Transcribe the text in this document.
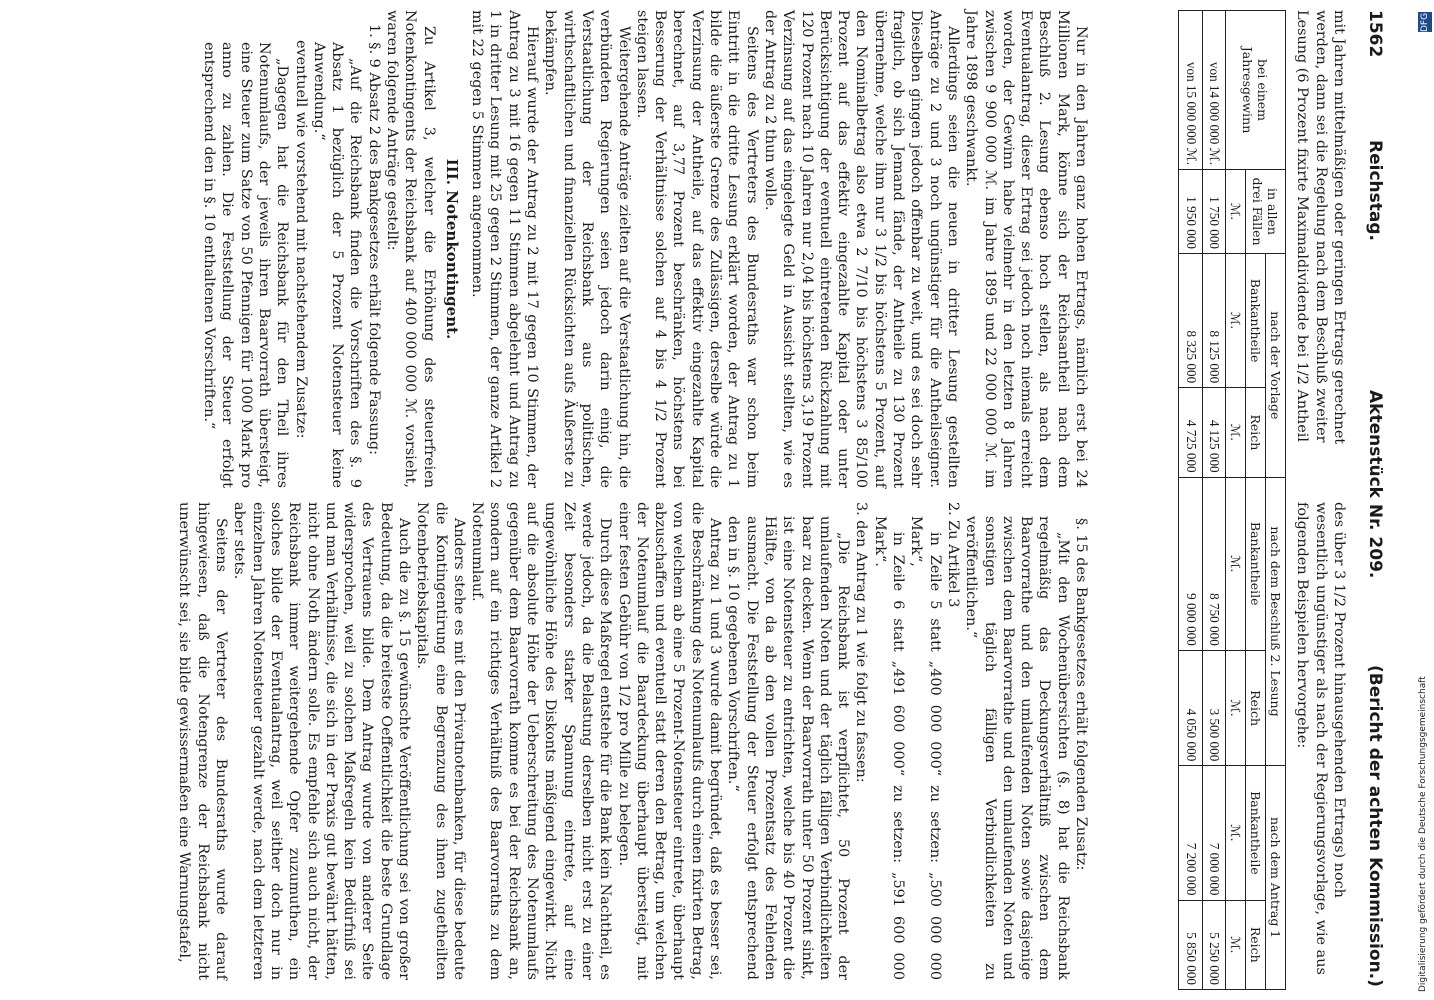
DFG
Digitalisierung gefördert durch die Deutsche Forschungsgemeinschaft
1562
Reichstag.
Aktenstück Nr. 209.
(Bericht der achten Kommission.)
mit Jahren mittelmäßigen oder geringen Ertrags gerechnet werden, dann sei die Regelung nach dem Beschluß zweiter Lesung (6 Prozent fixirte Maximaldividende bei 1/2 Antheil
des über 3 1/2 Prozent hinausgehenden Ertrags) noch wesentlich ungünstiger als nach der Regierungsvorlage, wie aus folgenden Beispielen hervorgehe:
bei einem Jahresgewinn	in allen drei Fällen	nach der Vorlage		nach dem Beschluß 2. Lesung		nach dem Antrag 1	
		Bankantheile	Reich	Bankantheile	Reich	Bankantheile	Reich
	ℳ.	ℳ.	ℳ.	ℳ.	ℳ.	ℳ.	ℳ.
von 14 000 000 ℳ.	1 750 000	8 125 000	4 125 000	8 750 000	3 500 000	7 000 000	5 250 000
von 15 000 000 ℳ.	1 950 000	8 325 000	4 725 000	9 000 000	4 050 000	7 200 000	5 850 000

Nur in den Jahren ganz hohen Ertrags, nämlich erst bei 24 Millionen Mark, könne sich der Reichsantheil nach dem Beschluß 2. Lesung ebenso hoch stellen, als nach dem Eventualantrag, dieser Ertrag sei jedoch noch niemals erreicht worden, der Gewinn habe vielmehr in den letzten 8 Jahren zwischen 9 900 000 ℳ. im Jahre 1895 und 22 000 000 ℳ. im Jahre 1898 geschwankt.

Allerdings seien die neuen in dritter Lesung gestellten Anträge zu 2 und 3 noch ungünstiger für die Antheilseigner. Dieselben gingen jedoch offenbar zu weit, und es sei doch sehr fraglich, ob sich Jemand fände, der Antheile zu 130 Prozent übernehme, welche ihm nur 3 1/2 bis höchstens 5 Prozent, auf den Nominalbetrag also etwa 2 7/10 bis höchstens 3 85/100 Prozent auf das effektiv eingezahlte Kapital oder unter Berücksichtigung der eventuell eintretenden Rückzahlung mit 120 Prozent nach 10 Jahren nur 2,04 bis höchstens 3,19 Prozent Verzinsung auf das eingelegte Geld in Aussicht stellten, wie es der Antrag zu 2 thun wolle.

Seitens des Vertreters des Bundesraths war schon beim Eintritt in die dritte Lesung erklärt worden, der Antrag zu 1 bilde die äußerste Grenze des Zulässigen, derselbe würde die Verzinsung der Antheile, auf das effektiv eingezahlte Kapital berechnet, auf 3,77 Prozent beschränken, höchstens bei Besserung der Verhältnisse solchen auf 4 bis 4 1/2 Prozent steigen lassen.

Weitergehende Anträge zielten auf die Verstaatlichung hin, die verbündeten Regierungen seien jedoch darin einig, die Verstaatlichung der Reichsbank aus politischen, wirthschaftlichen und finanziellen Rücksichten aufs Äußerste zu bekämpfen.

Hierauf wurde der Antrag zu 2 mit 17 gegen 10 Stimmen, der Antrag zu 3 mit 16 gegen 11 Stimmen abgelehnt und Antrag zu 1 in dritter Lesung mit 25 gegen 2 Stimmen, der ganze Artikel 2 mit 22 gegen 5 Stimmen angenommen.

III. Notenkontingent.

Zu Artikel 3, welcher die Erhöhung des steuerfreien Notenkontingents der Reichsbank auf 400 000 000 ℳ. vorsieht, waren folgende Anträge gestellt:

1. §. 9 Absatz 2 des Bankgesetzes erhält folgende Fassung:

„Auf die Reichsbank finden die Vorschriften des §. 9 Absatz 1 bezüglich der 5 Prozent Notensteuer keine Anwendung.“

eventuell wie vorstehend mit nachstehendem Zusatze:

„Dagegen hat die Reichsbank für den Theil ihres Notenumlaufs, der jeweils ihren Baarvorrath übersteigt, eine Steuer zum Satze von 50 Pfennigen für 1000 Mark pro anno zu zahlen. Die Feststellung der Steuer erfolgt entsprechend den in §. 10 enthaltenen Vorschriften.“

§. 15 des Bankgesetzes erhält folgenden Zusatz:

„Mit den Wochenübersichten (§. 8) hat die Reichsbank regelmäßig das Deckungsverhältniß zwischen dem Baarvorrathe und den umlaufenden Noten sowie dasjenige zwischen dem Baarvorrathe und den umlaufenden Noten und sonstigen täglich fälligen Verbindlichkeiten zu veröffentlichen.“

2. Zu Artikel 3

in Zeile 5 statt „400 000 000“ zu setzen: „500 000 000 Mark“,

in Zeile 6 statt „491 600 000“ zu setzen: „591 600 000 Mark“.

3. den Antrag zu 1 wie folgt zu fassen:

„Die Reichsbank ist verpflichtet, 50 Prozent der umlaufenden Noten und der täglich fälligen Verbindlichkeiten baar zu decken. Wenn der Baarvorrath unter 50 Prozent sinkt, ist eine Notensteuer zu entrichten, welche bis 40 Prozent die Hälfte, von da ab den vollen Prozentsatz des Fehlenden ausmacht. Die Feststellung der Steuer erfolgt entsprechend den in §. 10 gegebenen Vorschriften.“

Antrag zu 1 und 3 wurde damit begründet, daß es besser sei, die Beschränkung des Notenumlaufs durch einen fixirten Betrag, von welchem ab eine 5 Prozent-Notensteuer eintrete, überhaupt abzuschaffen und eventuell statt deren den Betrag, um welchen der Notenumlauf die Baardeckung überhaupt übersteigt, mit einer festen Gebühr von 1/2 pro Mille zu belegen.

Durch diese Maßregel entstehe für die Bank kein Nachtheil, es werde jedoch, da die Belastung derselben nicht erst zu einer Zeit besonders starker Spannung eintrete, auf eine ungewöhnliche Höhe des Diskonts mäßigend eingewirkt. Nicht auf die absolute Höhe der Ueberschreitung des Notenumlaufs gegenüber dem Baarvorrath komme es bei der Reichsbank an, sondern auf ein richtiges Verhältniß des Baarvorraths zu dem Notenumlauf.

Anders stehe es mit den Privatnotenbanken, für diese bedeute die Kontingentirung eine Begrenzung des ihnen zugetheilten Notenbetriebskapitals.

Auch die zu §. 15 gewünschte Veröffentlichung sei von großer Bedeutung, da die breiteste Oeffentlichkeit die beste Grundlage des Vertrauens bilde. Dem Antrag wurde von anderer Seite widersprochen, weil zu solchen Maßregeln kein Bedürfniß sei und man Verhältnisse, die sich in der Praxis gut bewährt hätten, nicht ohne Noth ändern solle. Es empfehle sich auch nicht, der Reichsbank immer weitergehende Opfer zuzumuthen, ein solches bilde der Eventualantrag, weil seither doch nur in einzelnen Jahren Notensteuer gezahlt werde, nach dem letzteren aber stets.

Seitens der Vertreter des Bundesraths wurde darauf hingewiesen, daß die Notengrenze der Reichsbank nicht unerwünscht sei, sie bilde gewissermaßen eine Warnungstafel,
